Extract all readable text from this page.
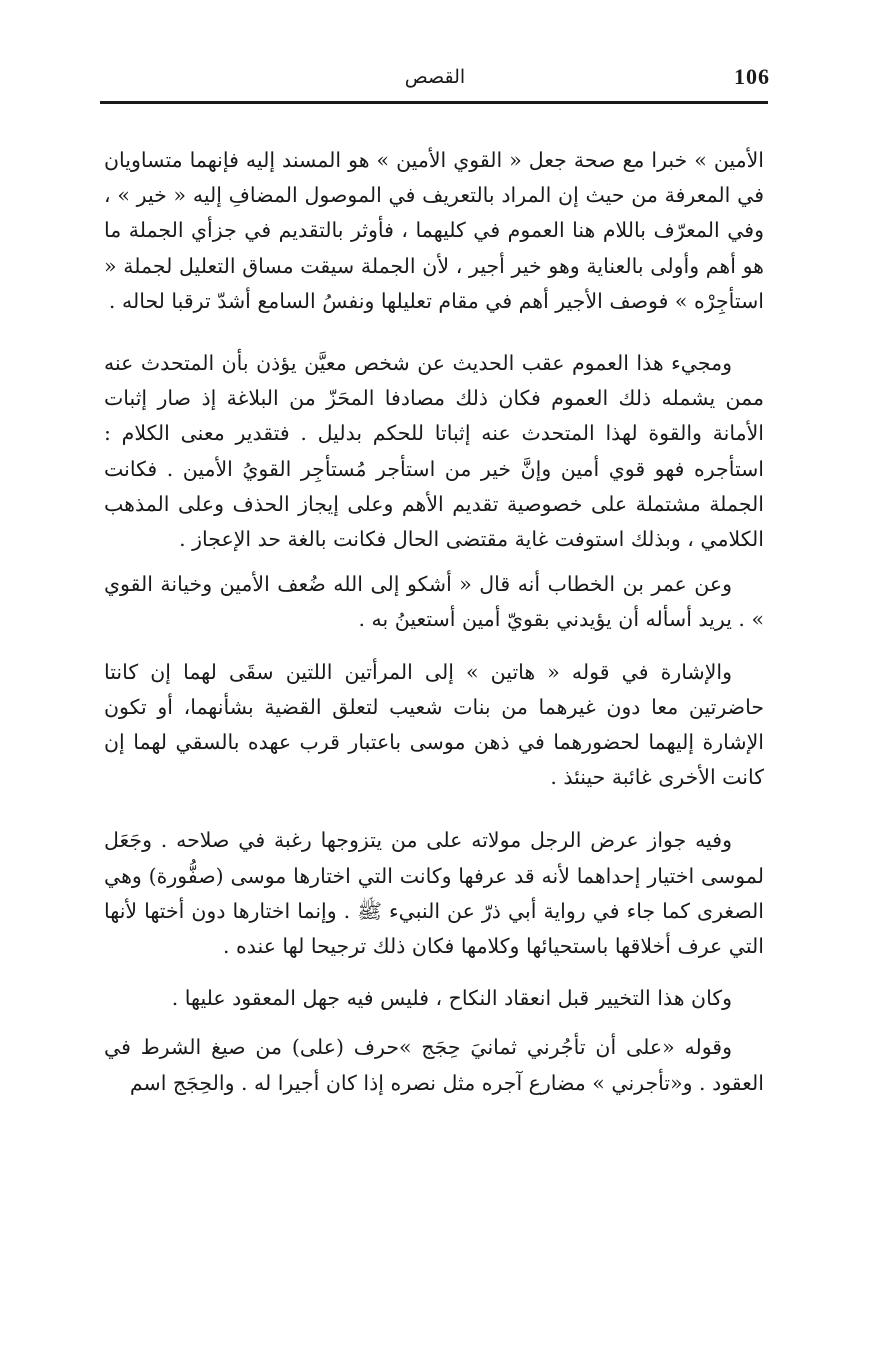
106
القصص

الأمين » خبرا مع صحة جعل « القوي الأمين » هو المسند إليه فإنهما متساويان في المعرفة من حيث إن المراد بالتعريف في الموصول المضافِ إليه « خير » ، وفي المعرّف باللام هنا العموم في كليهما ، فأوثر بالتقديم في جزأي الجملة ما هو أهم وأولى بالعناية وهو خير أجير ، لأن الجملة سيقت مساق التعليل لجملة « استأجِرْه » فوصف الأجير أهم في مقام تعليلها ونفسُ السامع أشدّ ترقبا لحاله .

ومجيء هذا العموم عقب الحديث عن شخص معيَّن يؤذن بأن المتحدث عنه ممن يشمله ذلك العموم فكان ذلك مصادفا المحَزّ من البلاغة إذ صار إثبات الأمانة والقوة لهذا المتحدث عنه إثباتا للحكم بدليل . فتقدير معنى الكلام : استأجره فهو قوي أمين وإنَّ خير من استأجر مُستأجِر القويُ الأمين . فكانت الجملة مشتملة على خصوصية تقديم الأهم وعلى إيجاز الحذف وعلى المذهب الكلامي ، وبذلك استوفت غاية مقتضى الحال فكانت بالغة حد الإعجاز .

وعن عمر بن الخطاب أنه قال « أشكو إلى الله ضُعف الأمين وخيانة القوي » . يريد أسأله أن يؤيدني بقويّ أمين أستعينُ به .

والإشارة في قوله « هاتين » إلى المرأتين اللتين سقَى لهما إن كانتا حاضرتين معا دون غيرهما من بنات شعيب لتعلق القضية بشأنهما، أو تكون الإشارة إليهما لحضورهما في ذهن موسى باعتبار قرب عهده بالسقي لهما إن كانت الأخرى غائبة حينئذ .

وفيه جواز عرض الرجل مولاته على من يتزوجها رغبة في صلاحه . وجَعَل لموسى اختيار إحداهما لأنه قد عرفها وكانت التي اختارها موسى (صفُّورة) وهي الصغرى كما جاء في رواية أبي ذرّ عن النبيء ﷺ . وإنما اختارها دون أختها لأنها التي عرف أخلاقها باستحيائها وكلامها فكان ذلك ترجيحا لها عنده .

وكان هذا التخيير قبل انعقاد النكاح ، فليس فيه جهل المعقود عليها .

وقوله «على أن تأجُرني ثمانيَ حِجَج »حرف (على) من صيغ الشرط في العقود . و«تأجرني » مضارع آجره مثل نصره إذا كان أجيرا له . والحِجَج اسم
